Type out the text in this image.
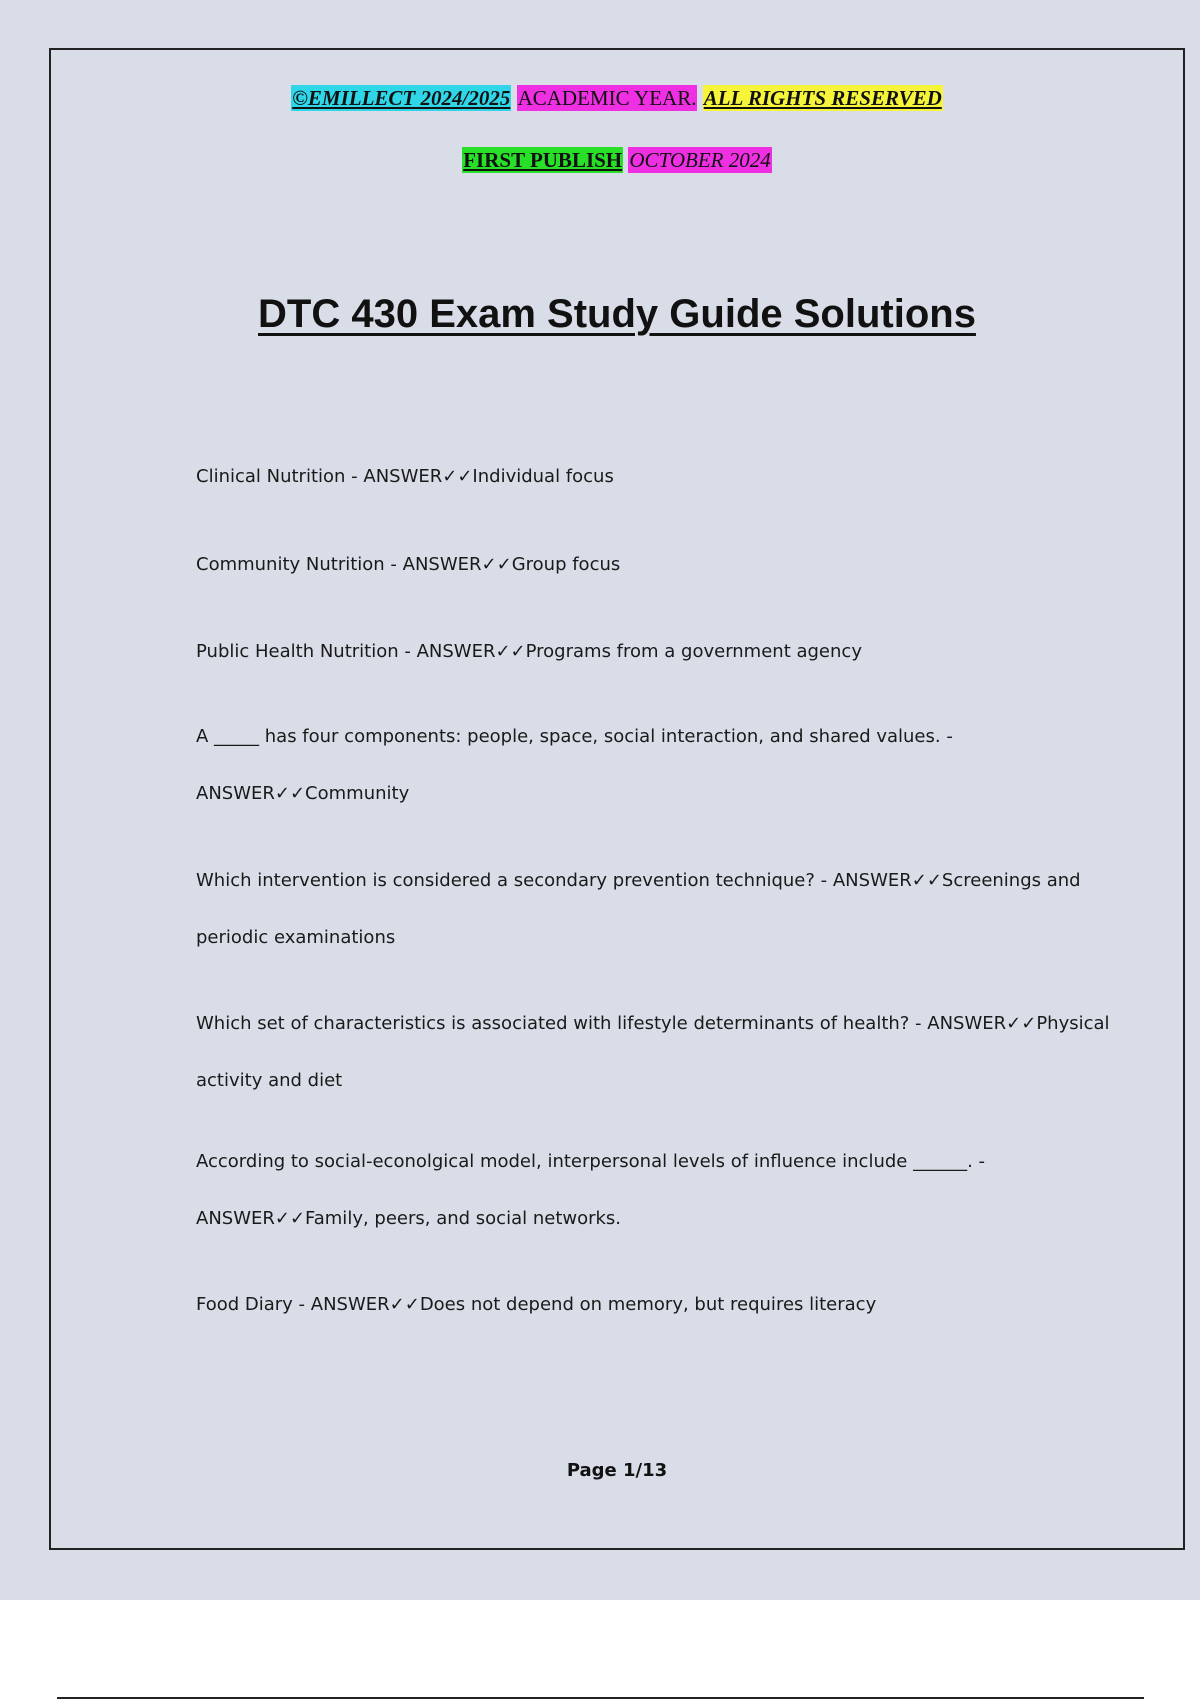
©EMILLECT 2024/2025 ACADEMIC YEAR. ALL RIGHTS RESERVED
FIRST PUBLISH OCTOBER 2024
DTC 430 Exam Study Guide Solutions
Clinical Nutrition - ANSWER✓✓Individual focus
Community Nutrition - ANSWER✓✓Group focus
Public Health Nutrition - ANSWER✓✓Programs from a government agency
A _____ has four components: people, space, social interaction, and shared values. - ANSWER✓✓Community
Which intervention is considered a secondary prevention technique? - ANSWER✓✓Screenings and periodic examinations
Which set of characteristics is associated with lifestyle determinants of health? - ANSWER✓✓Physical activity and diet
According to social-econolgical model, interpersonal levels of influence include ______. - ANSWER✓✓Family, peers, and social networks.
Food Diary - ANSWER✓✓Does not depend on memory, but requires literacy
Page 1/13
